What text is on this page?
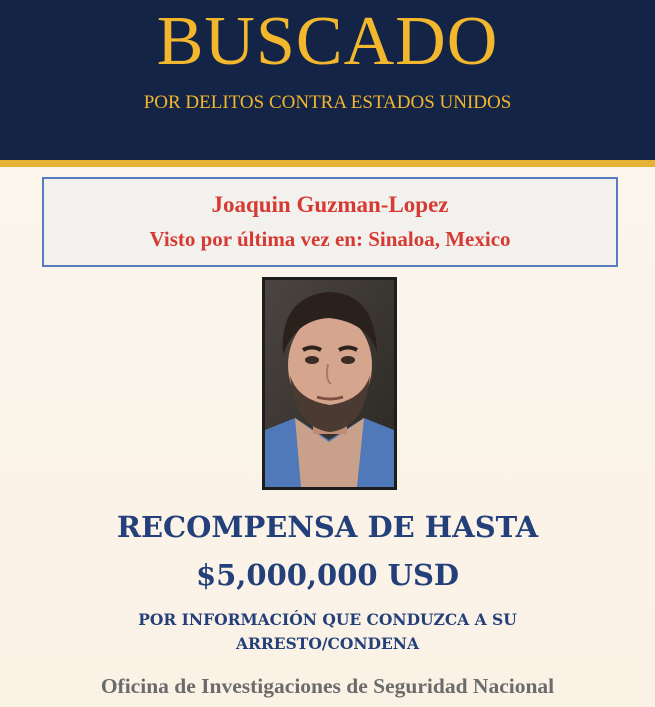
BUSCADO
POR DELITOS CONTRA ESTADOS UNIDOS
Joaquin Guzman-Lopez
Visto por última vez en: Sinaloa, Mexico
RECOMPENSA DE HASTA
$5,000,000 USD
POR INFORMACIÓN QUE CONDUZCA A SU
ARRESTO/CONDENA
Oficina de Investigaciones de Seguridad Nacional
